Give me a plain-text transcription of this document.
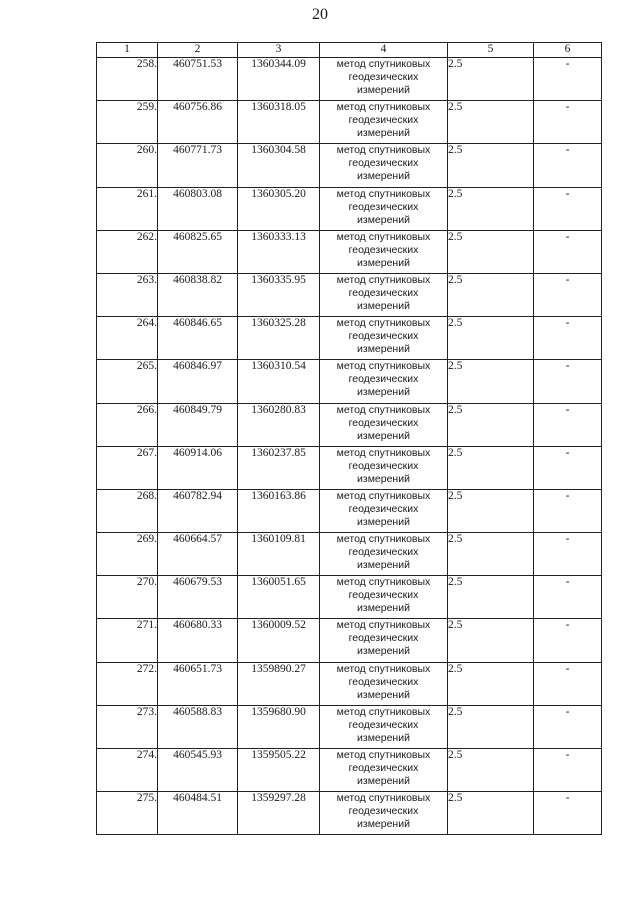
20
1	2	3	4	5	6
258.	460751.53	1360344.09	метод спутниковых
геодезических
измерений	2.5	-
259.	460756.86	1360318.05	метод спутниковых
геодезических
измерений	2.5	-
260.	460771.73	1360304.58	метод спутниковых
геодезических
измерений	2.5	-
261.	460803.08	1360305.20	метод спутниковых
геодезических
измерений	2.5	-
262.	460825.65	1360333.13	метод спутниковых
геодезических
измерений	2.5	-
263.	460838.82	1360335.95	метод спутниковых
геодезических
измерений	2.5	-
264.	460846.65	1360325.28	метод спутниковых
геодезических
измерений	2.5	-
265.	460846.97	1360310.54	метод спутниковых
геодезических
измерений	2.5	-
266.	460849.79	1360280.83	метод спутниковых
геодезических
измерений	2.5	-
267.	460914.06	1360237.85	метод спутниковых
геодезических
измерений	2.5	-
268.	460782.94	1360163.86	метод спутниковых
геодезических
измерений	2.5	-
269.	460664.57	1360109.81	метод спутниковых
геодезических
измерений	2.5	-
270.	460679.53	1360051.65	метод спутниковых
геодезических
измерений	2.5	-
271.	460680.33	1360009.52	метод спутниковых
геодезических
измерений	2.5	-
272.	460651.73	1359890.27	метод спутниковых
геодезических
измерений	2.5	-
273.	460588.83	1359680.90	метод спутниковых
геодезических
измерений	2.5	-
274.	460545.93	1359505.22	метод спутниковых
геодезических
измерений	2.5	-
275.	460484.51	1359297.28	метод спутниковых
геодезических
измерений	2.5	-
